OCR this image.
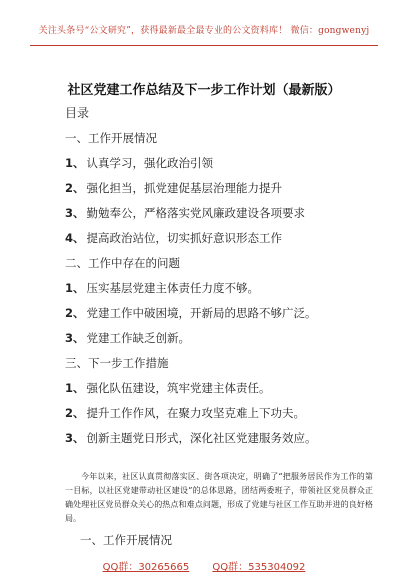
关注头条号“公文研究”，获得最新最全最专业的公文资料库！ 微信：gongwenyj
社区党建工作总结及下一步工作计划（最新版）
目录
一、工作开展情况
1、 认真学习，强化政治引领
2、 强化担当，抓党建促基层治理能力提升
3、 勤勉奉公，严格落实党风廉政建设各项要求
4、 提高政治站位，切实抓好意识形态工作
二、工作中存在的问题
1、 压实基层党建主体责任力度不够。
2、 党建工作中破困境，开新局的思路不够广泛。
3、 党建工作缺乏创新。
三、下一步工作措施
1、 强化队伍建设，筑牢党建主体责任。
2、 提升工作作风，在聚力攻坚克难上下功夫。
3、 创新主题党日形式，深化社区党建服务效应。

今年以来，社区认真贯彻落实区、街各项决定，明确了“把服务居民作为工作的第一目标，以社区党建带动社区建设”的总体思路，团结两委班子，带领社区党员群众正确处理社区党员群众关心的热点和难点问题，形成了党建与社区工作互助并进的良好格局。

一、工作开展情况
QQ群：30265665 QQ群：535304092
